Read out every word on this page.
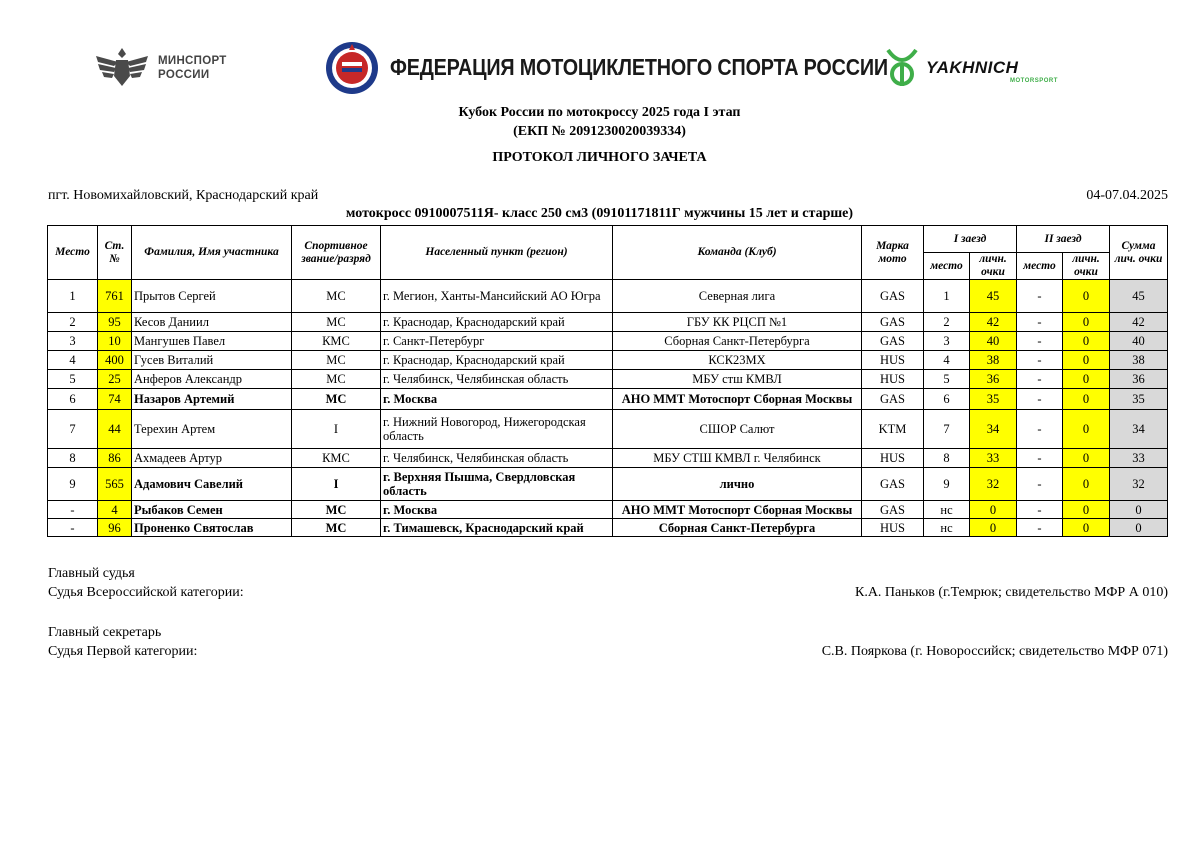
МИНСПОРТ
РОССИИ	ФЕДЕРАЦИЯ МОТОЦИКЛЕТНОГО СПОРТА РОССИИ YAKHNICH
MOTORSPORT
Кубок России по мотокроссу 2025 года I этап
(ЕКП № 2091230020039334)
ПРОТОКОЛ ЛИЧНОГО ЗАЧЕТА
пгт. Новомихайловский, Краснодарский край	04-07.04.2025
мотокросс 0910007511Я- класс 250 см3 (09101171811Г мужчины 15 лет и старше)
Место	Ст. №	Фамилия, Имя участника	Спортивное звание/разряд	Населенный пункт (регион)	Команда (Клуб)	Марка мото	I заезд		II заезд		Сумма лич. очки
							место	личн. очки	место	личн. очки	
1	761	Прытов Сергей	МС	г. Мегион, Ханты-Мансийский АО Югра	Северная лига	GAS	1	45	-	0	45
2	95	Кесов Даниил	МС	г. Краснодар, Краснодарский край	ГБУ КК РЦСП №1	GAS	2	42	-	0	42
3	10	Мангушев Павел	КМС	г. Санкт-Петербург	Сборная Санкт-Петербурга	GAS	3	40	-	0	40
4	400	Гусев Виталий	МС	г. Краснодар, Краснодарский край	КСК23МХ	HUS	4	38	-	0	38
5	25	Анферов Александр	МС	г. Челябинск, Челябинская область	МБУ стш КМВЛ	HUS	5	36	-	0	36
6	74	Назаров Артемий	МС	г. Москва	АНО ММТ Мотоспорт Сборная Москвы	GAS	6	35	-	0	35
7	44	Терехин Артем	I	г. Нижний Новогород, Нижегородская область	СШОР Салют	KTM	7	34	-	0	34
8	86	Ахмадеев Артур	КМС	г. Челябинск, Челябинская область	МБУ СТШ КМВЛ г. Челябинск	HUS	8	33	-	0	33
9	565	Адамович Савелий	I	г. Верхняя Пышма, Свердловская область	лично	GAS	9	32	-	0	32
-	4	Рыбаков Семен	МС	г. Москва	АНО ММТ Мотоспорт Сборная Москвы	GAS	нс	0	-	0	0
-	96	Проненко Святослав	МС	г. Тимашевск, Краснодарский край	Сборная Санкт-Петербурга	HUS	нс	0	-	0	0
Главный судья
Судья Всероссийской категории:	К.А. Паньков (г.Темрюк; свидетельство МФР А 010)
Главный секретарь
Судья Первой категории:	С.В. Пояркова (г. Новороссийск; свидетельство МФР 071)
